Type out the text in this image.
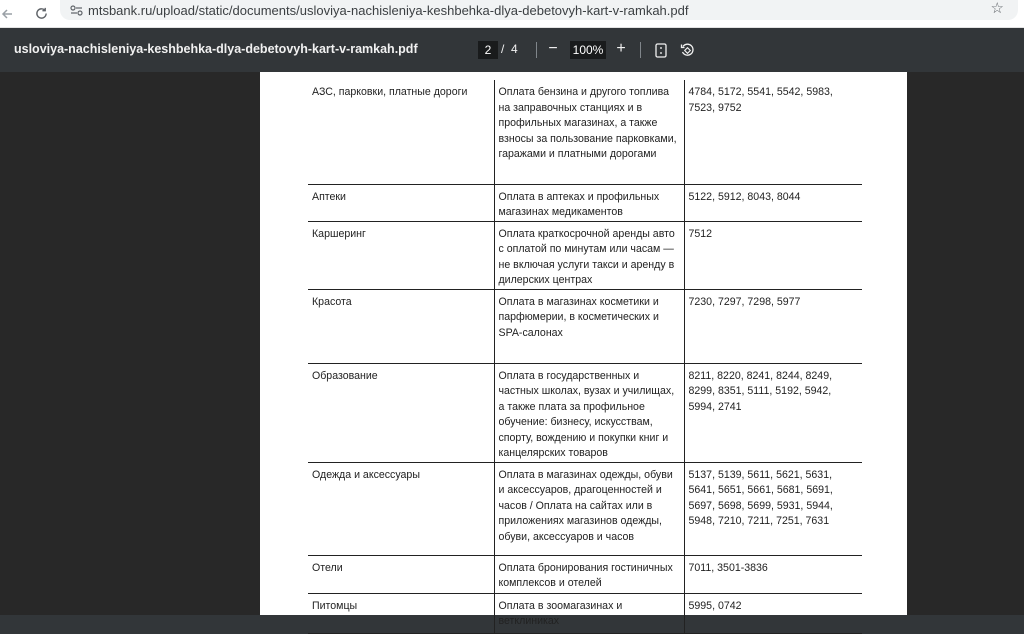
mtsbank.ru/upload/static/documents/usloviya-nachisleniya-keshbehka-dlya-debetovyh-kart-v-ramkah.pdf	☆
usloviya-nachisleniya-keshbehka-dlya-debetovyh-kart-v-ramkah.pdf	2 / 4 −	100% +
АЗС, парковки, платные дороги	Оплата бензина и другого топлива на заправочных станциях и в профильных магазинах, а также взносы за пользование парковками, гаражами и платными дорогами	4784, 5172, 5541, 5542, 5983, 7523, 9752
Аптеки	Оплата в аптеках и профильных магазинах медикаментов	5122, 5912, 8043, 8044
Каршеринг	Оплата краткосрочной аренды авто с оплатой по минутам или часам — не включая услуги такси и аренду в дилерских центрах	7512
Красота	Оплата в магазинах косметики и парфюмерии, в косметических и SPA-салонах	7230, 7297, 7298, 5977
Образование	Оплата в государственных и частных школах, вузах и училищах, а также плата за профильное обучение: бизнесу, искусствам, спорту, вождению и покупки книг и канцелярских товаров	8211, 8220, 8241, 8244, 8249, 8299, 8351, 5111, 5192, 5942, 5994, 2741
Одежда и аксессуары	Оплата в магазинах одежды, обуви и аксессуаров, драгоценностей и часов / Оплата на сайтах или в приложениях магазинов одежды, обуви, аксессуаров и часов	5137, 5139, 5611, 5621, 5631, 5641, 5651, 5661, 5681, 5691, 5697, 5698, 5699, 5931, 5944, 5948, 7210, 7211, 7251, 7631
Отели	Оплата бронирования гостиничных комплексов и отелей	7011, 3501-3836
Питомцы	Оплата в зоомагазинах и ветклиниках	5995, 0742
